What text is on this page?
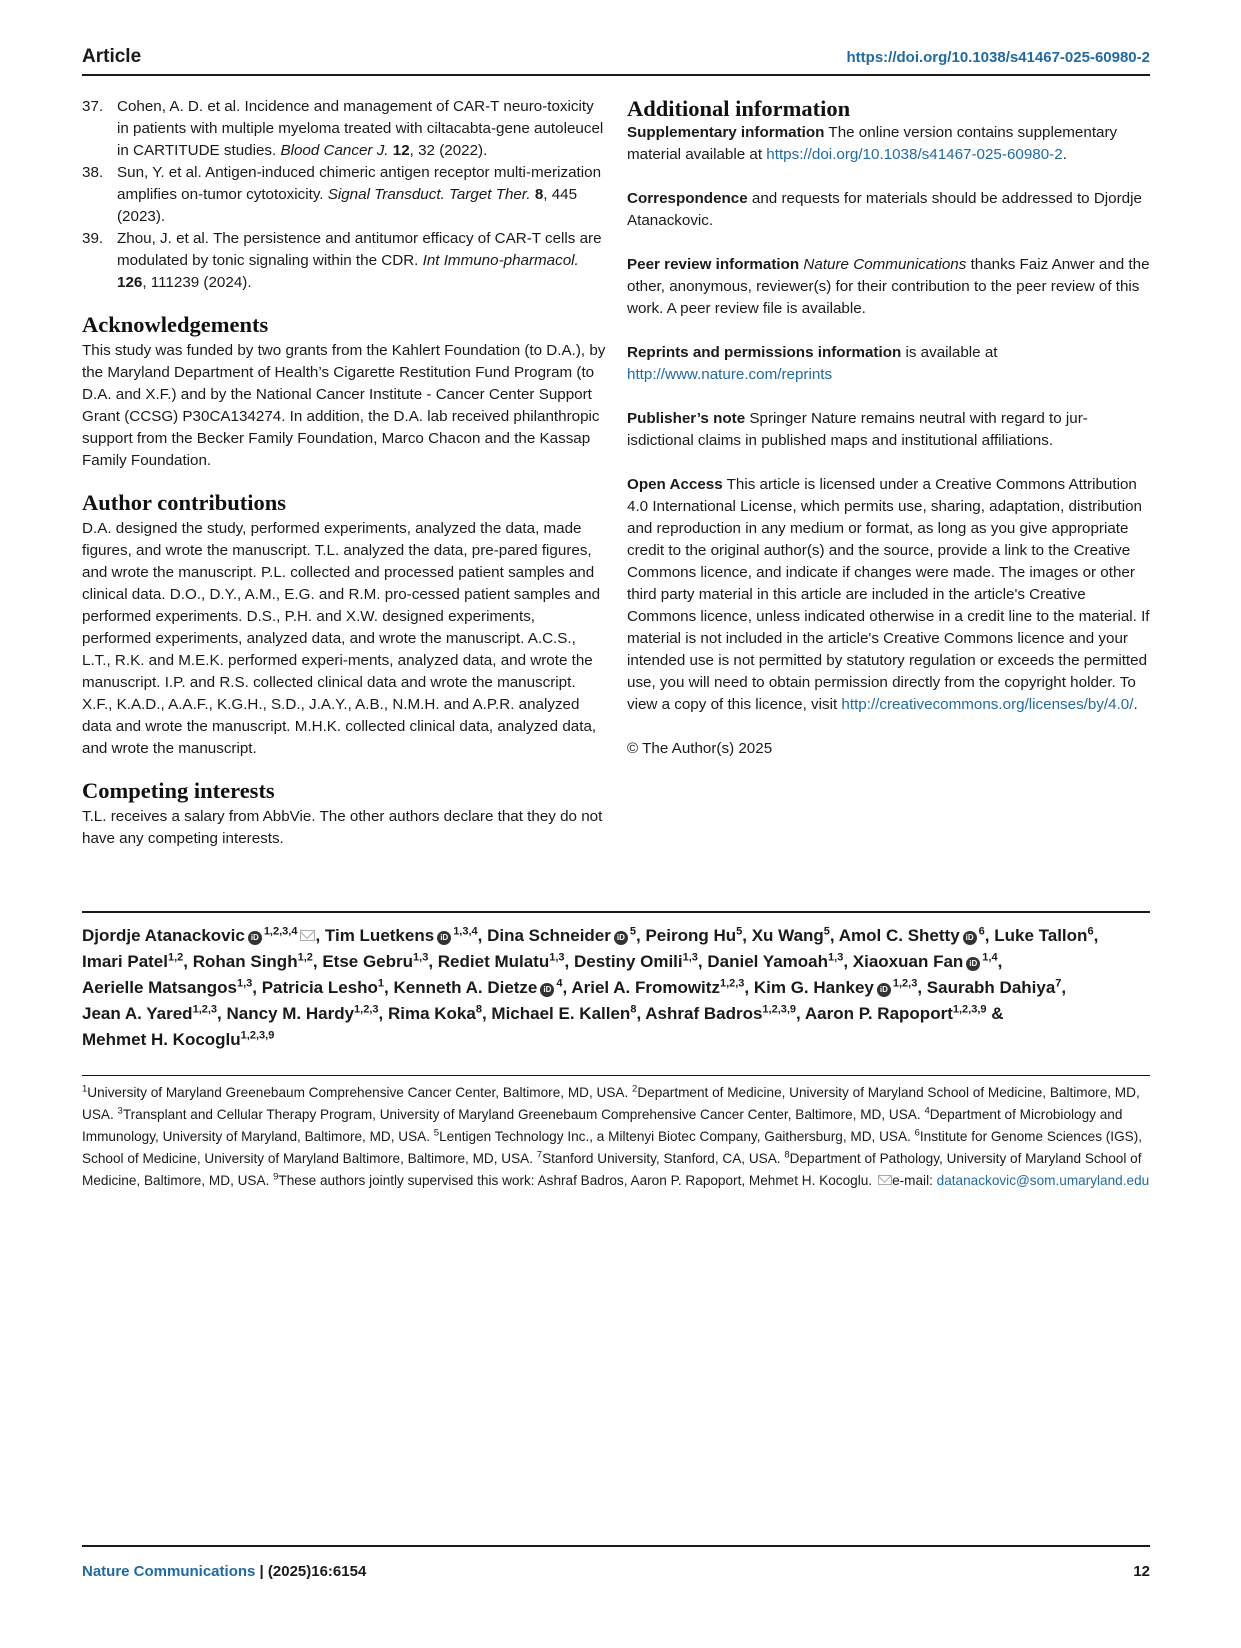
Article	https://doi.org/10.1038/s41467-025-60980-2
37. Cohen, A. D. et al. Incidence and management of CAR-T neuro-toxicity in patients with multiple myeloma treated with ciltacabta-gene autoleucel in CARTITUDE studies. Blood Cancer J. 12, 32 (2022).
38. Sun, Y. et al. Antigen-induced chimeric antigen receptor multi-merization amplifies on-tumor cytotoxicity. Signal Transduct. Target Ther. 8, 445 (2023).
39. Zhou, J. et al. The persistence and antitumor efficacy of CAR-T cells are modulated by tonic signaling within the CDR. Int Immuno-pharmacol. 126, 111239 (2024).
Acknowledgements

This study was funded by two grants from the Kahlert Foundation (to D.A.), by the Maryland Department of Health’s Cigarette Restitution Fund Program (to D.A. and X.F.) and by the National Cancer Institute - Cancer Center Support Grant (CCSG) P30CA134274. In addition, the D.A. lab received philanthropic support from the Becker Family Foundation, Marco Chacon and the Kassap Family Foundation.

Author contributions

D.A. designed the study, performed experiments, analyzed the data, made figures, and wrote the manuscript. T.L. analyzed the data, pre-pared figures, and wrote the manuscript. P.L. collected and processed patient samples and clinical data. D.O., D.Y., A.M., E.G. and R.M. pro-cessed patient samples and performed experiments. D.S., P.H. and X.W. designed experiments, performed experiments, analyzed data, and wrote the manuscript. A.C.S., L.T., R.K. and M.E.K. performed experi-ments, analyzed data, and wrote the manuscript. I.P. and R.S. collected clinical data and wrote the manuscript. X.F., K.A.D., A.A.F., K.G.H., S.D., J.A.Y., A.B., N.M.H. and A.P.R. analyzed data and wrote the manuscript. M.H.K. collected clinical data, analyzed data, and wrote the manuscript.

Competing interests

T.L. receives a salary from AbbVie. The other authors declare that they do not have any competing interests.

Additional information

Supplementary information The online version contains supplementary material available at https://doi.org/10.1038/s41467-025-60980-2.

Correspondence and requests for materials should be addressed to Djordje Atanackovic.

Peer review information Nature Communications thanks Faiz Anwer and the other, anonymous, reviewer(s) for their contribution to the peer review of this work. A peer review file is available.

Reprints and permissions information is available at http://www.nature.com/reprints

Publisher’s note Springer Nature remains neutral with regard to jur-isdictional claims in published maps and institutional affiliations.

Open Access This article is licensed under a Creative Commons Attribution 4.0 International License, which permits use, sharing, adaptation, distribution and reproduction in any medium or format, as long as you give appropriate credit to the original author(s) and the source, provide a link to the Creative Commons licence, and indicate if changes were made. The images or other third party material in this article are included in the article's Creative Commons licence, unless indicated otherwise in a credit line to the material. If material is not included in the article's Creative Commons licence and your intended use is not permitted by statutory regulation or exceeds the permitted use, you will need to obtain permission directly from the copyright holder. To view a copy of this licence, visit http://creativecommons.org/licenses/by/4.0/.

© The Author(s) 2025

Djordje Atanackovic iD$^{1,2,3,4}$ , Tim Luetkens iD$^{1,3,4}$, Dina Schneider $iD^5$, Peirong Hu$^5$, Xu Wang$^5$, Amol C. Shetty $iD^6$, Luke Tallon$^6$, Imari Patel$^{1,2}$, Rohan Singh$^{1,2}$, Etse Gebru$^{1,3}$, Rediet Mulatu$^{1,3}$, Destiny Omili$^{1,3}$, Daniel Yamoah$^{1,3}$, Xiaoxuan Fan iD$^{1,4}$, Aerielle Matsangos$^{1,3}$, Patricia Lesho$^1$, Kenneth A. Dietze $iD^4$, Ariel A. Fromowitz$^{1,2,3}$, Kim G. Hankey iD$^{1,2,3}$, Saurabh Dahiya$^7$, Jean A. Yared$^{1,2,3}$, Nancy M. Hardy$^{1,2,3}$, Rima Koka$^8$, Michael E. Kallen$^8$, Ashraf Badros$^{1,2,3,9}$, Aaron P. Rapoport$^{1,2,3,9}$ & Mehmet H. Kocoglu$^{1,2,3,9}$
$^1$University of Maryland Greenebaum Comprehensive Cancer Center, Baltimore, MD, USA. $^2$Department of Medicine, University of Maryland School of Medicine, Baltimore, MD, USA. $^3$Transplant and Cellular Therapy Program, University of Maryland Greenebaum Comprehensive Cancer Center, Baltimore, MD, USA. $^4$Department of Microbiology and Immunology, University of Maryland, Baltimore, MD, USA. $^5$Lentigen Technology Inc., a Miltenyi Biotec Company, Gaithersburg, MD, USA. $^6$Institute for Genome Sciences (IGS), School of Medicine, University of Maryland Baltimore, Baltimore, MD, USA. $^7$Stanford University, Stanford, CA, USA. $^8$Department of Pathology, University of Maryland School of Medicine, Baltimore, MD, USA. $^9$These authors jointly supervised this work: Ashraf Badros, Aaron P. Rapoport, Mehmet H. Kocoglu. e-mail: datanackovic@som.umaryland.edu
Nature Communications | (2025)16:6154	12
